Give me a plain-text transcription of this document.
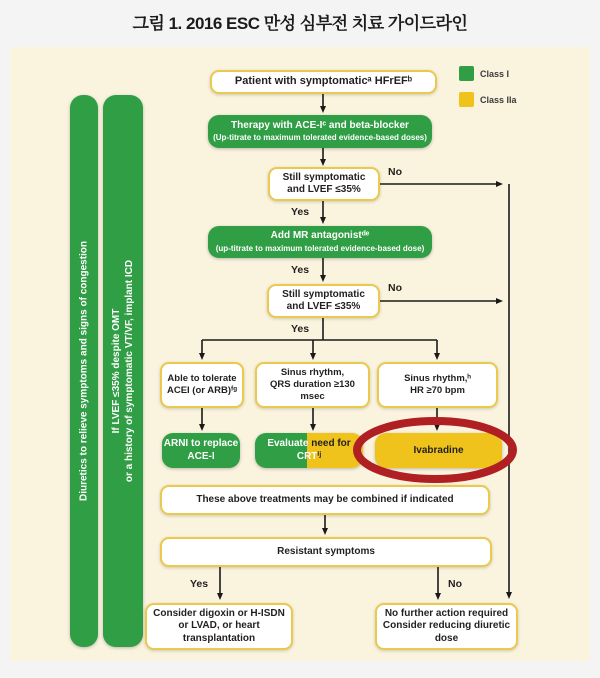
그림 1. 2016 ESC 만성 심부전 치료 가이드라인
Class I
Class IIa
Diuretics to relieve symptoms and signs of congestion If LVEF ≤35% despite OMT or a history of symptomatic VT/VF, implant ICD
Patient with symptomaticᵃ HFrEFᵇ
Therapy with ACE-Iᶜ and beta-blocker
(Up-titrate to maximum tolerated evidence-based doses)
Still symptomatic
and LVEF ≤35%
Add MR antagonistᵈᵉ
(up-titrate to maximum tolerated evidence-based dose)
Still symptomatic
and LVEF ≤35%
Able to tolerate
ACEI (or ARB)ᶠᵍ
Sinus rhythm,
QRS duration ≥130 msec
Sinus rhythm,ʰ
HR ≥70 bpm
ARNI to replace
ACE-I
Evaluate need for
CRTⁱʲ	Ivabradine
These above treatments may be combined if indicated
Resistant symptoms
Consider digoxin or H-ISDN
or LVAD, or heart transplantation
No further action required
Consider reducing diuretic dose
Yes
No
Yes
No
Yes
Yes	No
